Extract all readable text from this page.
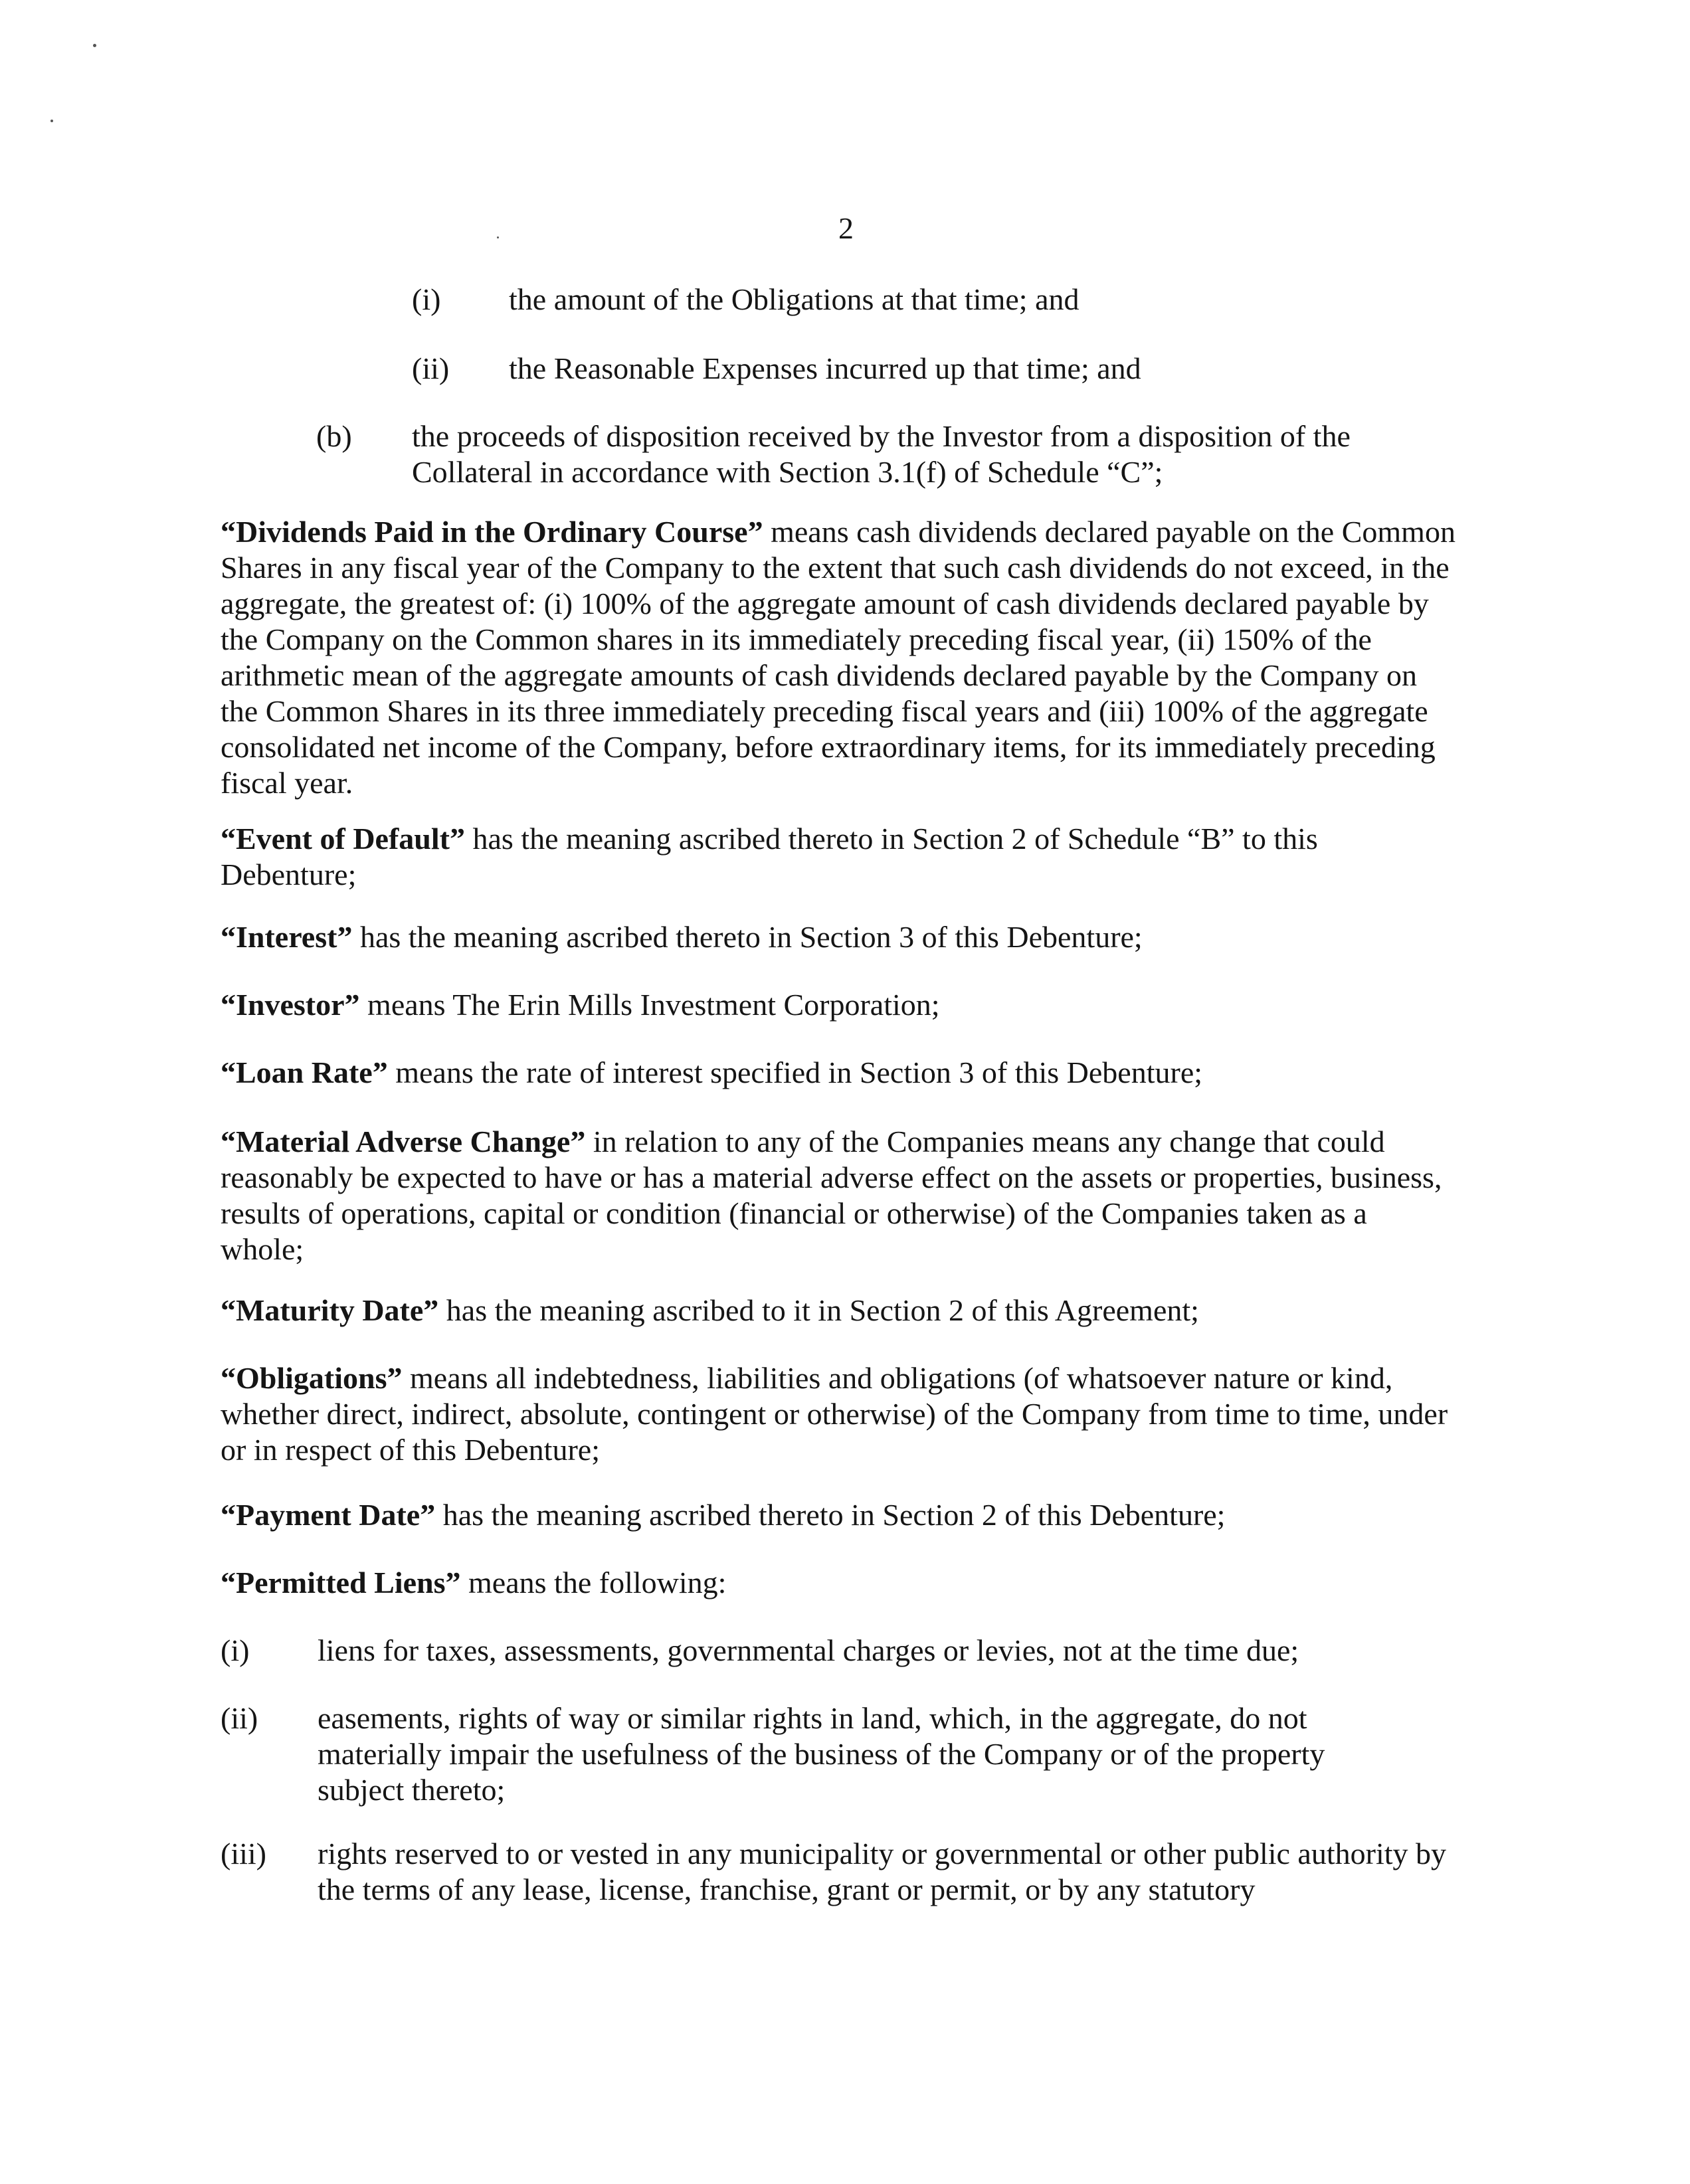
2
(i) the amount of the Obligations at that time; and
(ii) the Reasonable Expenses incurred up that time; and
(b) the proceeds of disposition received by the Investor from a disposition of the Collateral in accordance with Section 3.1(f) of Schedule “C”;
“Dividends Paid in the Ordinary Course” means cash dividends declared payable on the Common Shares in any fiscal year of the Company to the extent that such cash dividends do not exceed, in the aggregate, the greatest of: (i) 100% of the aggregate amount of cash dividends declared payable by the Company on the Common shares in its immediately preceding fiscal year, (ii) 150% of the arithmetic mean of the aggregate amounts of cash dividends declared payable by the Company on the Common Shares in its three immediately preceding fiscal years and (iii) 100% of the aggregate consolidated net income of the Company, before extraordinary items, for its immediately preceding fiscal year.
“Event of Default” has the meaning ascribed thereto in Section 2 of Schedule “B” to this Debenture;
“Interest” has the meaning ascribed thereto in Section 3 of this Debenture;
“Investor” means The Erin Mills Investment Corporation;
“Loan Rate” means the rate of interest specified in Section 3 of this Debenture;
“Material Adverse Change” in relation to any of the Companies means any change that could reasonably be expected to have or has a material adverse effect on the assets or properties, business, results of operations, capital or condition (financial or otherwise) of the Companies taken as a whole;
“Maturity Date” has the meaning ascribed to it in Section 2 of this Agreement;
“Obligations” means all indebtedness, liabilities and obligations (of whatsoever nature or kind, whether direct, indirect, absolute, contingent or otherwise) of the Company from time to time, under or in respect of this Debenture;
“Payment Date” has the meaning ascribed thereto in Section 2 of this Debenture;
“Permitted Liens” means the following:
(i) liens for taxes, assessments, governmental charges or levies, not at the time due;
(ii) easements, rights of way or similar rights in land, which, in the aggregate, do not materially impair the usefulness of the business of the Company or of the property subject thereto;
(iii) rights reserved to or vested in any municipality or governmental or other public authority by the terms of any lease, license, franchise, grant or permit, or by any statutory
